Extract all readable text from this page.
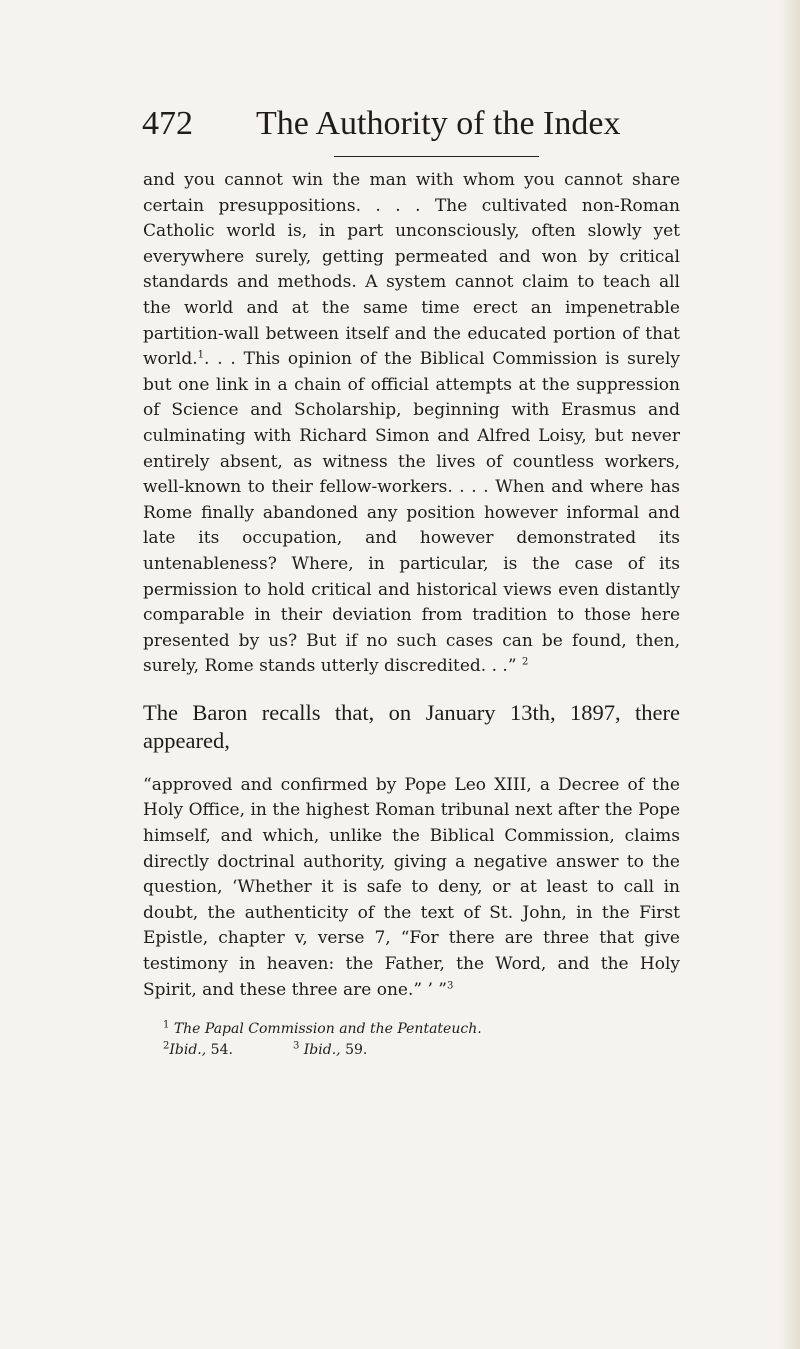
472 The Authority of the Index

and you cannot win the man with whom you cannot share certain presuppositions. . . . The cultivated non-Roman Catholic world is, in part unconsciously, often slowly yet everywhere surely, getting permeated and won by critical standards and methods. A system cannot claim to teach all the world and at the same time erect an impenetrable partition-wall between itself and the educated portion of that world.$^1$. . . This opinion of the Biblical Commission is surely but one link in a chain of official attempts at the suppression of Science and Scholarship, beginning with Erasmus and culminating with Richard Simon and Alfred Loisy, but never entirely absent, as witness the lives of countless workers, well-known to their fellow-workers. . . . When and where has Rome finally abandoned any position however informal and late its occupation, and however demonstrated its untenableness? Where, in particular, is the case of its permission to hold critical and historical views even distantly comparable in their deviation from tradition to those here presented by us? But if no such cases can be found, then, surely, Rome stands utterly discredited. . .” $^2$

The Baron recalls that, on January 13th, 1897, there appeared,

“approved and confirmed by Pope Leo XIII, a Decree of the Holy Office, in the highest Roman tribunal next after the Pope himself, and which, unlike the Biblical Commission, claims directly doctrinal authority, giving a negative answer to the question, ‘Whether it is safe to deny, or at least to call in doubt, the authenticity of the text of St. John, in the First Epistle, chapter v, verse 7, “For there are three that give testimony in heaven: the Father, the Word, and the Holy Spirit, and these three are one.” ’ ”$^3$

$^1$ The Papal Commission and the Pentateuch.
$^2$Ibid., 54.	$^3$ Ibid., 59.
